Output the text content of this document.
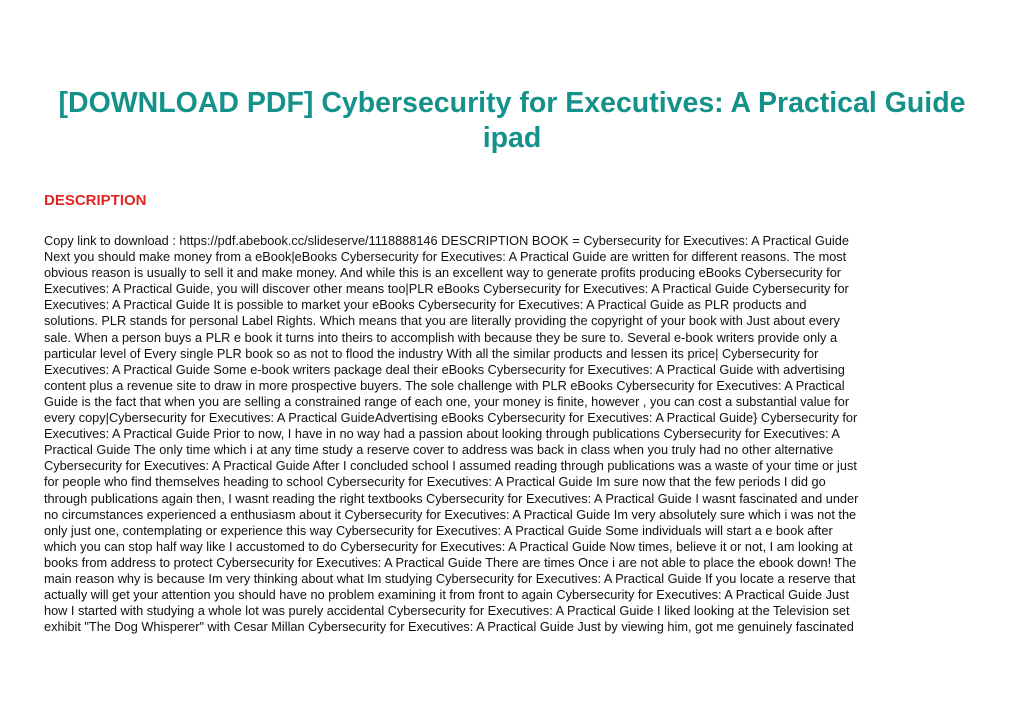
[DOWNLOAD PDF] Cybersecurity for Executives: A Practical Guide
ipad
DESCRIPTION
Copy link to download : https://pdf.abebook.cc/slideserve/1118888146 DESCRIPTION BOOK = Cybersecurity for Executives: A Practical Guide
Next you should make money from a eBook|eBooks Cybersecurity for Executives: A Practical Guide are written for different reasons. The most
obvious reason is usually to sell it and make money. And while this is an excellent way to generate profits producing eBooks Cybersecurity for
Executives: A Practical Guide, you will discover other means too|PLR eBooks Cybersecurity for Executives: A Practical Guide Cybersecurity for
Executives: A Practical Guide It is possible to market your eBooks Cybersecurity for Executives: A Practical Guide as PLR products and
solutions. PLR stands for personal Label Rights. Which means that you are literally providing the copyright of your book with Just about every
sale. When a person buys a PLR e book it turns into theirs to accomplish with because they be sure to. Several e-book writers provide only a
particular level of Every single PLR book so as not to flood the industry With all the similar products and lessen its price| Cybersecurity for
Executives: A Practical Guide Some e-book writers package deal their eBooks Cybersecurity for Executives: A Practical Guide with advertising
content plus a revenue site to draw in more prospective buyers. The sole challenge with PLR eBooks Cybersecurity for Executives: A Practical
Guide is the fact that when you are selling a constrained range of each one, your money is finite, however , you can cost a substantial value for
every copy|Cybersecurity for Executives: A Practical GuideAdvertising eBooks Cybersecurity for Executives: A Practical Guide} Cybersecurity for
Executives: A Practical Guide Prior to now, I have in no way had a passion about looking through publications Cybersecurity for Executives: A
Practical Guide The only time which i at any time study a reserve cover to address was back in class when you truly had no other alternative
Cybersecurity for Executives: A Practical Guide After I concluded school I assumed reading through publications was a waste of your time or just
for people who find themselves heading to school Cybersecurity for Executives: A Practical Guide Im sure now that the few periods I did go
through publications again then, I wasnt reading the right textbooks Cybersecurity for Executives: A Practical Guide I wasnt fascinated and under
no circumstances experienced a enthusiasm about it Cybersecurity for Executives: A Practical Guide Im very absolutely sure which i was not the
only just one, contemplating or experience this way Cybersecurity for Executives: A Practical Guide Some individuals will start a e book after
which you can stop half way like I accustomed to do Cybersecurity for Executives: A Practical Guide Now times, believe it or not, I am looking at
books from address to protect Cybersecurity for Executives: A Practical Guide There are times Once i are not able to place the ebook down! The
main reason why is because Im very thinking about what Im studying Cybersecurity for Executives: A Practical Guide If you locate a reserve that
actually will get your attention you should have no problem examining it from front to again Cybersecurity for Executives: A Practical Guide Just
how I started with studying a whole lot was purely accidental Cybersecurity for Executives: A Practical Guide I liked looking at the Television set
exhibit "The Dog Whisperer" with Cesar Millan Cybersecurity for Executives: A Practical Guide Just by viewing him, got me genuinely fascinated
